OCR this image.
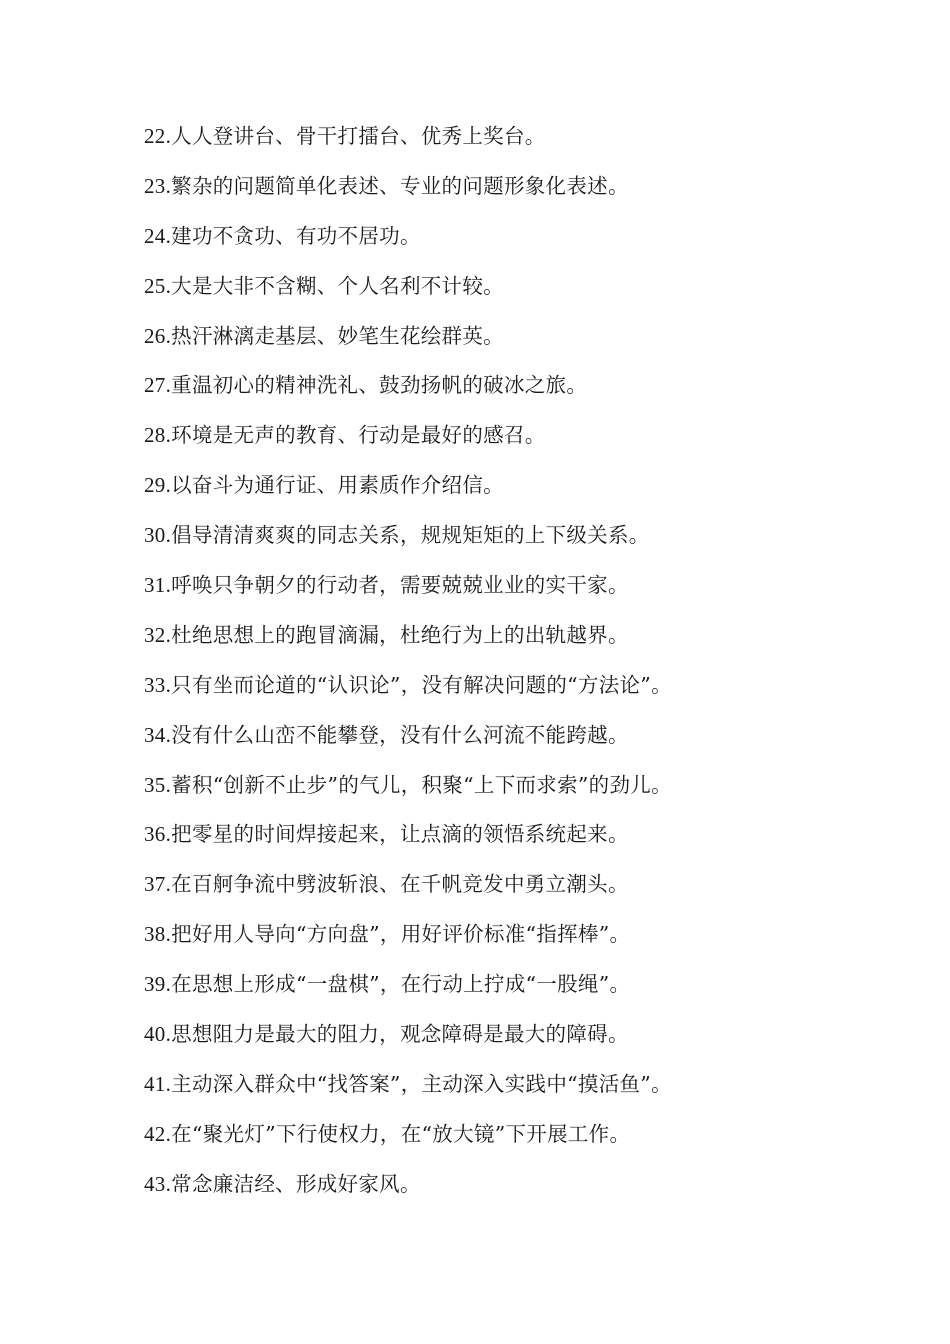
22.人人登讲台、骨干打擂台、优秀上奖台。
23.繁杂的问题简单化表述、专业的问题形象化表述。
24.建功不贪功、有功不居功。
25.大是大非不含糊、个人名利不计较。
26.热汗淋漓走基层、妙笔生花绘群英。
27.重温初心的精神洗礼、鼓劲扬帆的破冰之旅。
28.环境是无声的教育、行动是最好的感召。
29.以奋斗为通行证、用素质作介绍信。
30.倡导清清爽爽的同志关系，规规矩矩的上下级关系。
31.呼唤只争朝夕的行动者，需要兢兢业业的实干家。
32.杜绝思想上的跑冒滴漏，杜绝行为上的出轨越界。
33.只有坐而论道的“认识论”，没有解决问题的“方法论”。
34.没有什么山峦不能攀登，没有什么河流不能跨越。
35.蓄积“创新不止步”的气儿，积聚“上下而求索”的劲儿。
36.把零星的时间焊接起来，让点滴的领悟系统起来。
37.在百舸争流中劈波斩浪、在千帆竞发中勇立潮头。
38.把好用人导向“方向盘”，用好评价标准“指挥棒”。
39.在思想上形成“一盘棋”，在行动上拧成“一股绳”。
40.思想阻力是最大的阻力，观念障碍是最大的障碍。
41.主动深入群众中“找答案”，主动深入实践中“摸活鱼”。
42.在“聚光灯”下行使权力，在“放大镜”下开展工作。
43.常念廉洁经、形成好家风。
